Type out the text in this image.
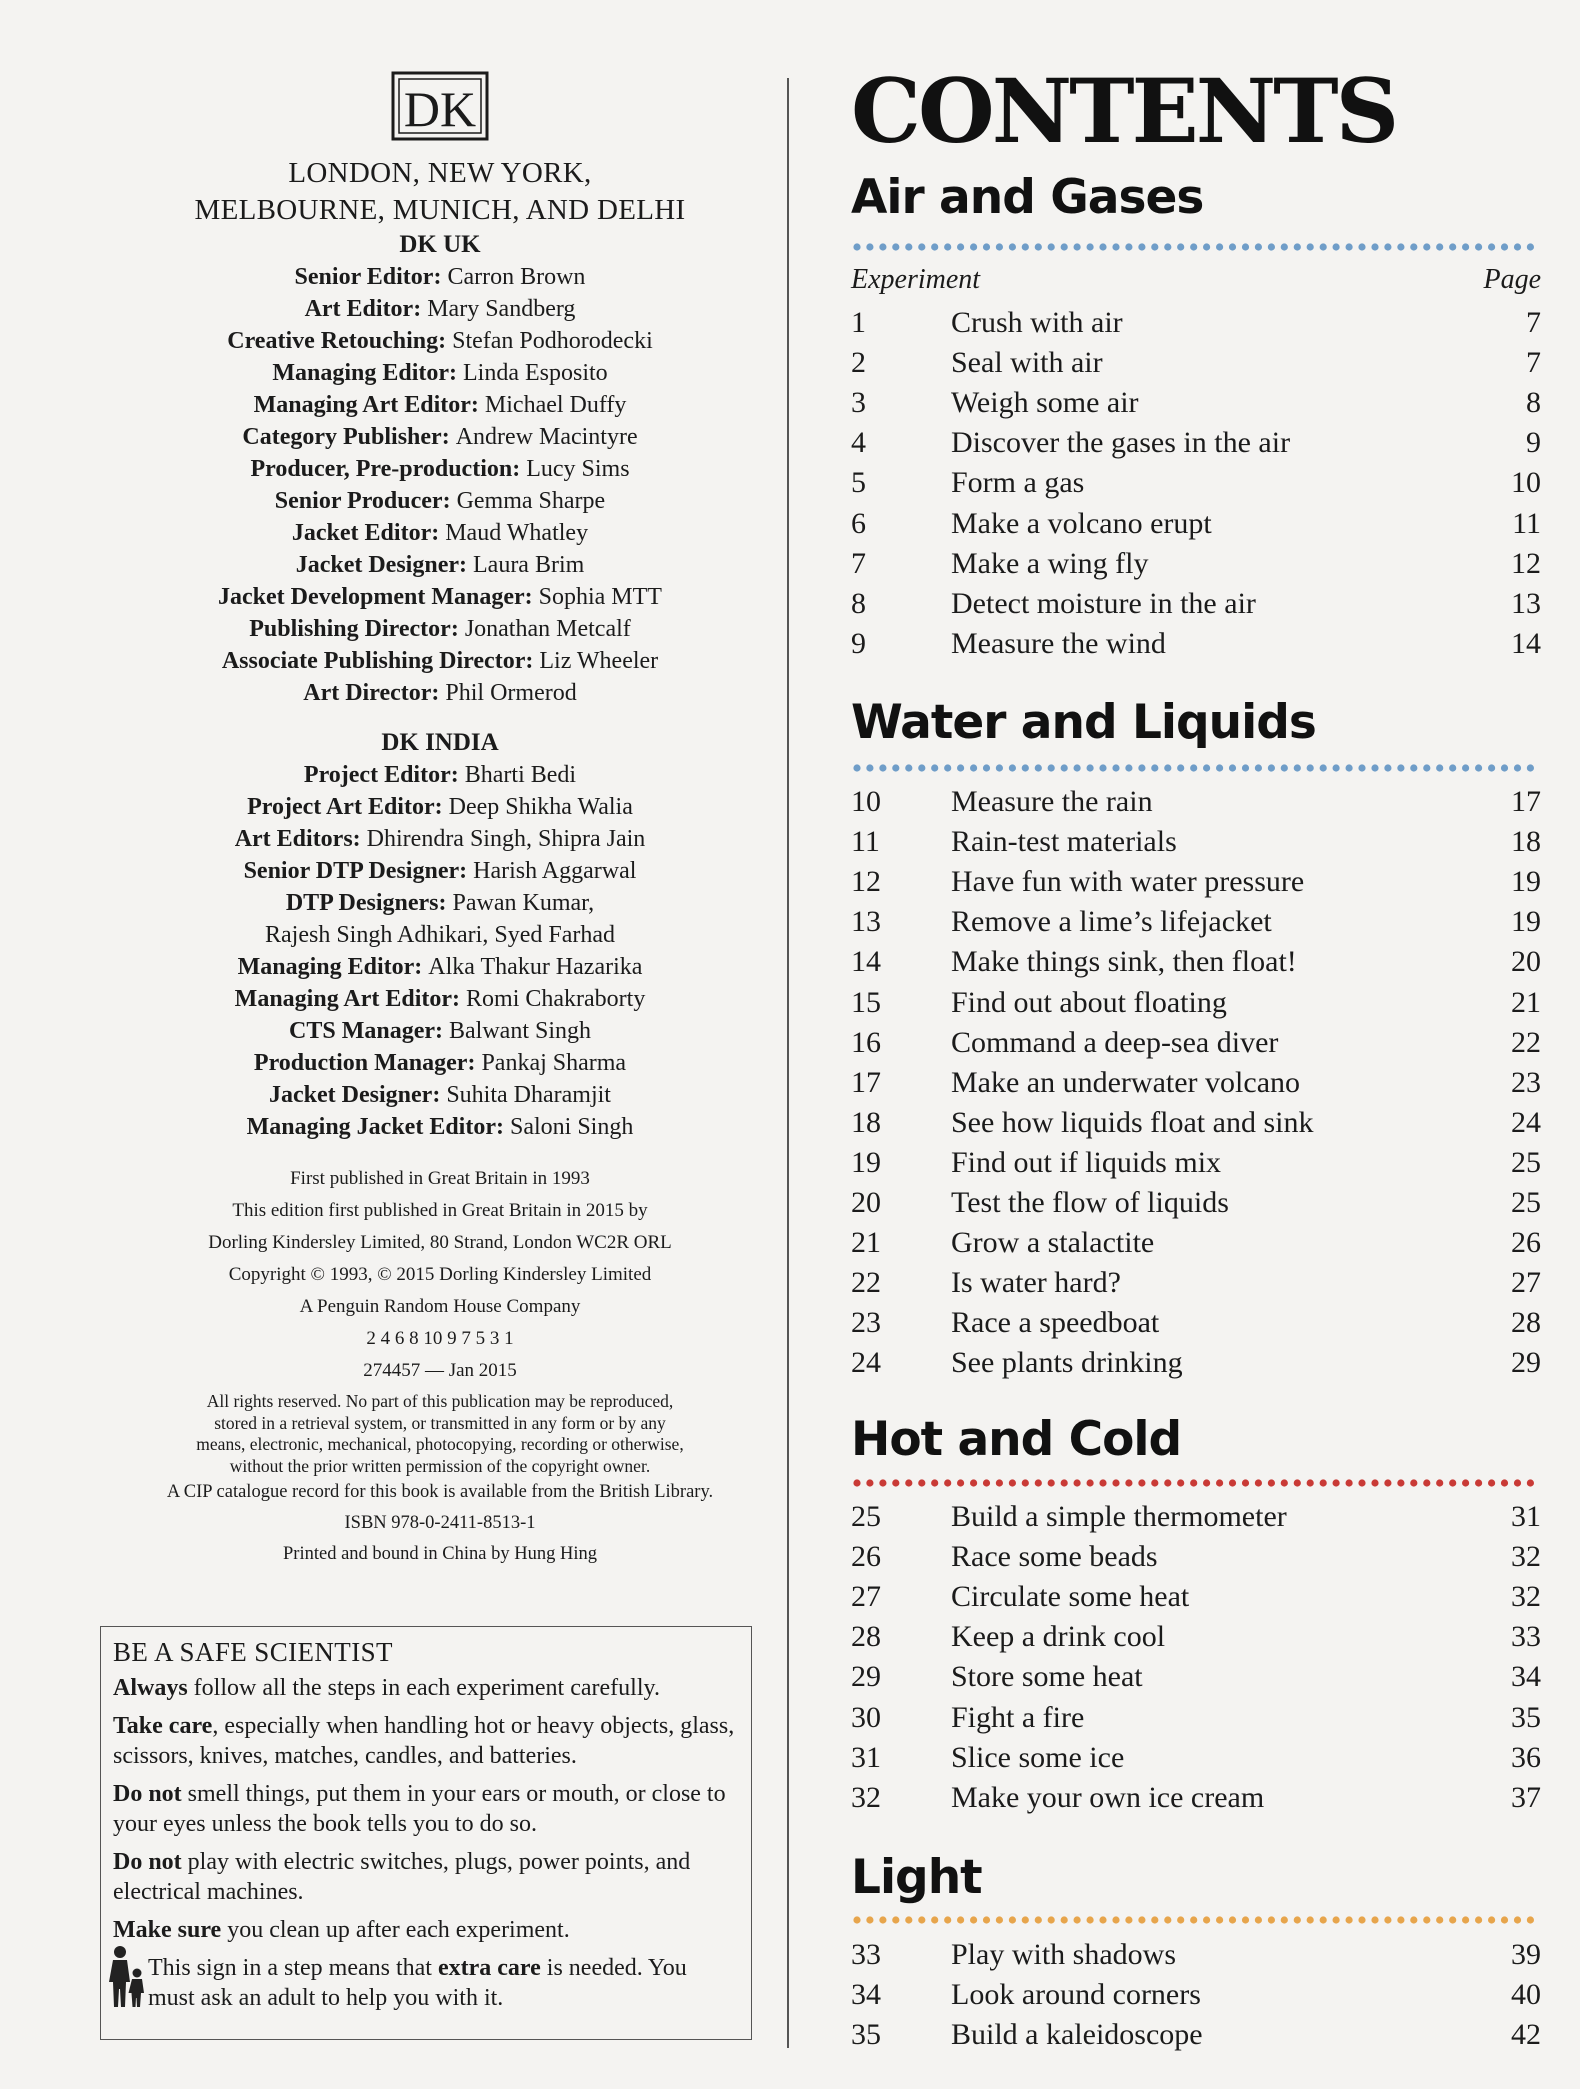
DK
LONDON, NEW YORK,
MELBOURNE, MUNICH, AND DELHI
DK UK
Senior Editor : Carron Brown
Art Editor : Mary Sandberg
Creative Retouching : Stefan Podhorodecki
Managing Editor : Linda Esposito
Managing Art Editor : Michael Duffy
Category Publisher : Andrew Macintyre
Producer, Pre-production : Lucy Sims
Senior Producer : Gemma Sharpe
Jacket Editor : Maud Whatley
Jacket Designer : Laura Brim
Jacket Development Manager : Sophia MTT
Publishing Director : Jonathan Metcalf
Associate Publishing Director : Liz Wheeler
Art Director : Phil Ormerod
DK INDIA
Project Editor : Bharti Bedi
Project Art Editor : Deep Shikha Walia
Art Editors : Dhirendra Singh, Shipra Jain
Senior DTP Designer : Harish Aggarwal
DTP Designers : Pawan Kumar,
Rajesh Singh Adhikari, Syed Farhad
Managing Editor : Alka Thakur Hazarika
Managing Art Editor : Romi Chakraborty
CTS Manager : Balwant Singh
Production Manager : Pankaj Sharma
Jacket Designer : Suhita Dharamjit
Managing Jacket Editor : Saloni Singh
First published in Great Britain in 1993
This edition first published in Great Britain in 2015 by
Dorling Kindersley Limited, 80 Strand, London WC2R ORL
Copyright © 1993, © 2015 Dorling Kindersley Limited
A Penguin Random House Company
2 4 6 8 10 9 7 5 3 1
274457 — Jan 2015
All rights reserved. No part of this publication may be reproduced,
stored in a retrieval system, or transmitted in any form or by any
means, electronic, mechanical, photocopying, recording or otherwise,
without the prior written permission of the copyright owner.
A CIP catalogue record for this book is available from the British Library.
ISBN 978-0-2411-8513-1
Printed and bound in China by Hung Hing
BE A SAFE SCIENTIST
Always follow all the steps in each experiment carefully.
Take care, especially when handling hot or heavy objects, glass, scissors, knives, matches, candles, and batteries.
Do not smell things, put them in your ears or mouth, or close to your eyes unless the book tells you to do so.
Do not play with electric switches, plugs, power points, and electrical machines.
Make sure you clean up after each experiment.
This sign in a step means that extra care is needed. You must ask an adult to help you with it.
CONTENTS
Experiment	Page
Air and Gases
1	Crush with air	7
2	Seal with air	7
3	Weigh some air	8
4	Discover the gases in the air	9
5	Form a gas	10
6	Make a volcano erupt	11
7	Make a wing fly	12
8	Detect moisture in the air	13
9	Measure the wind	14
Water and Liquids
10 Measure the rain	17
11 Rain-test materials	18
12 Have fun with water pressure	19
13 Remove a lime’s lifejacket	19
14 Make things sink, then float!	20
15 Find out about floating	21
16 Command a deep-sea diver	22
17 Make an underwater volcano	23
18 See how liquids float and sink	24
19 Find out if liquids mix	25
20 Test the flow of liquids	25
21 Grow a stalactite	26
22 Is water hard?	27
23 Race a speedboat	28
24 See plants drinking	29
Hot and Cold
25 Build a simple thermometer	31
26 Race some beads	32
27 Circulate some heat	32
28 Keep a drink cool	33
29 Store some heat	34
30 Fight a fire	35
31 Slice some ice	36
32 Make your own ice cream	37
Light
33 Play with shadows	39
34 Look around corners	40
35 Build a kaleidoscope	42
